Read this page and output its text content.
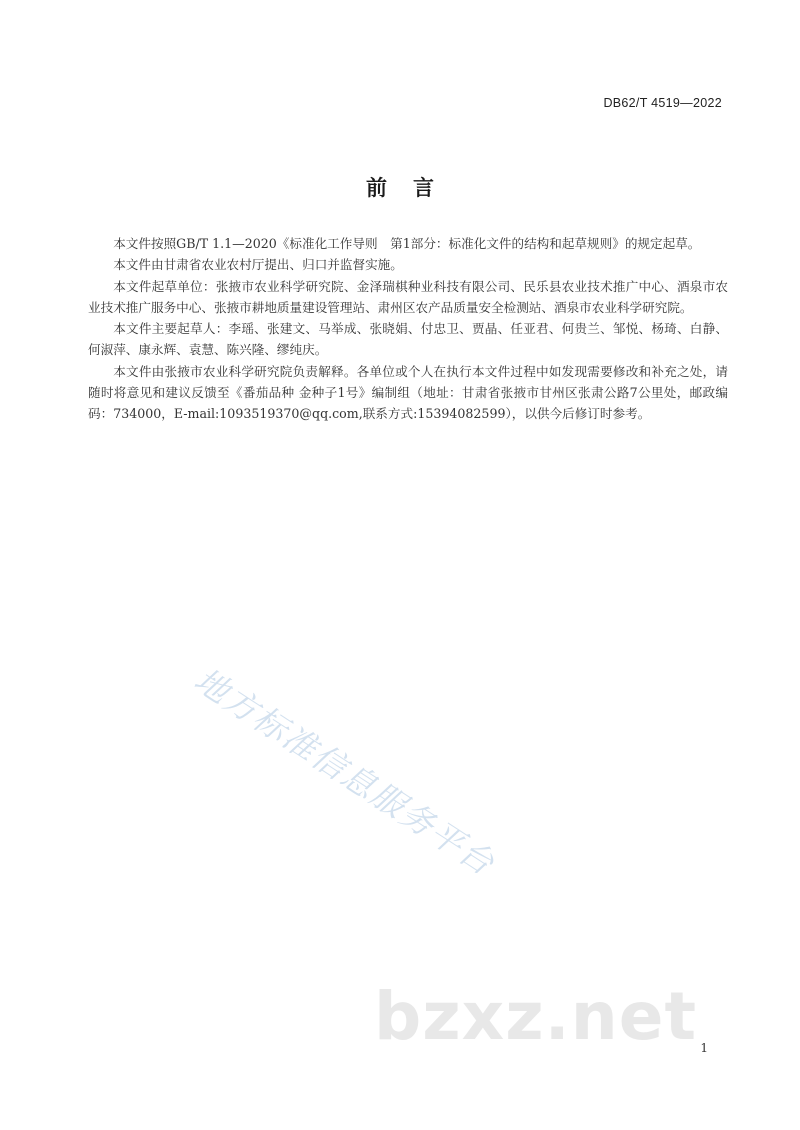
DB62/T 4519—2022
前言

本文件按照GB/T 1.1—2020《标准化工作导则　第1部分：标准化文件的结构和起草规则》的规定起草。

本文件由甘肃省农业农村厅提出、归口并监督实施。

本文件起草单位：张掖市农业科学研究院、金泽瑞棋种业科技有限公司、民乐县农业技术推广中心、酒泉市农业技术推广服务中心、张掖市耕地质量建设管理站、肃州区农产品质量安全检测站、酒泉市农业科学研究院。

本文件主要起草人：李瑶、张建文、马举成、张晓娟、付忠卫、贾晶、任亚君、何贵兰、邹悦、杨琦、白静、何淑萍、康永辉、袁慧、陈兴隆、缪纯庆。

本文件由张掖市农业科学研究院负责解释。各单位或个人在执行本文件过程中如发现需要修改和补充之处，请随时将意见和建议反馈至《番茄品种 金种子1号》编制组（地址：甘肃省张掖市甘州区张肃公路7公里处，邮政编码：734000，E-mail:1093519370@qq.com,联系方式:15394082599），以供今后修订时参考。

地方标准信息服务平台
bzxz.net 1
